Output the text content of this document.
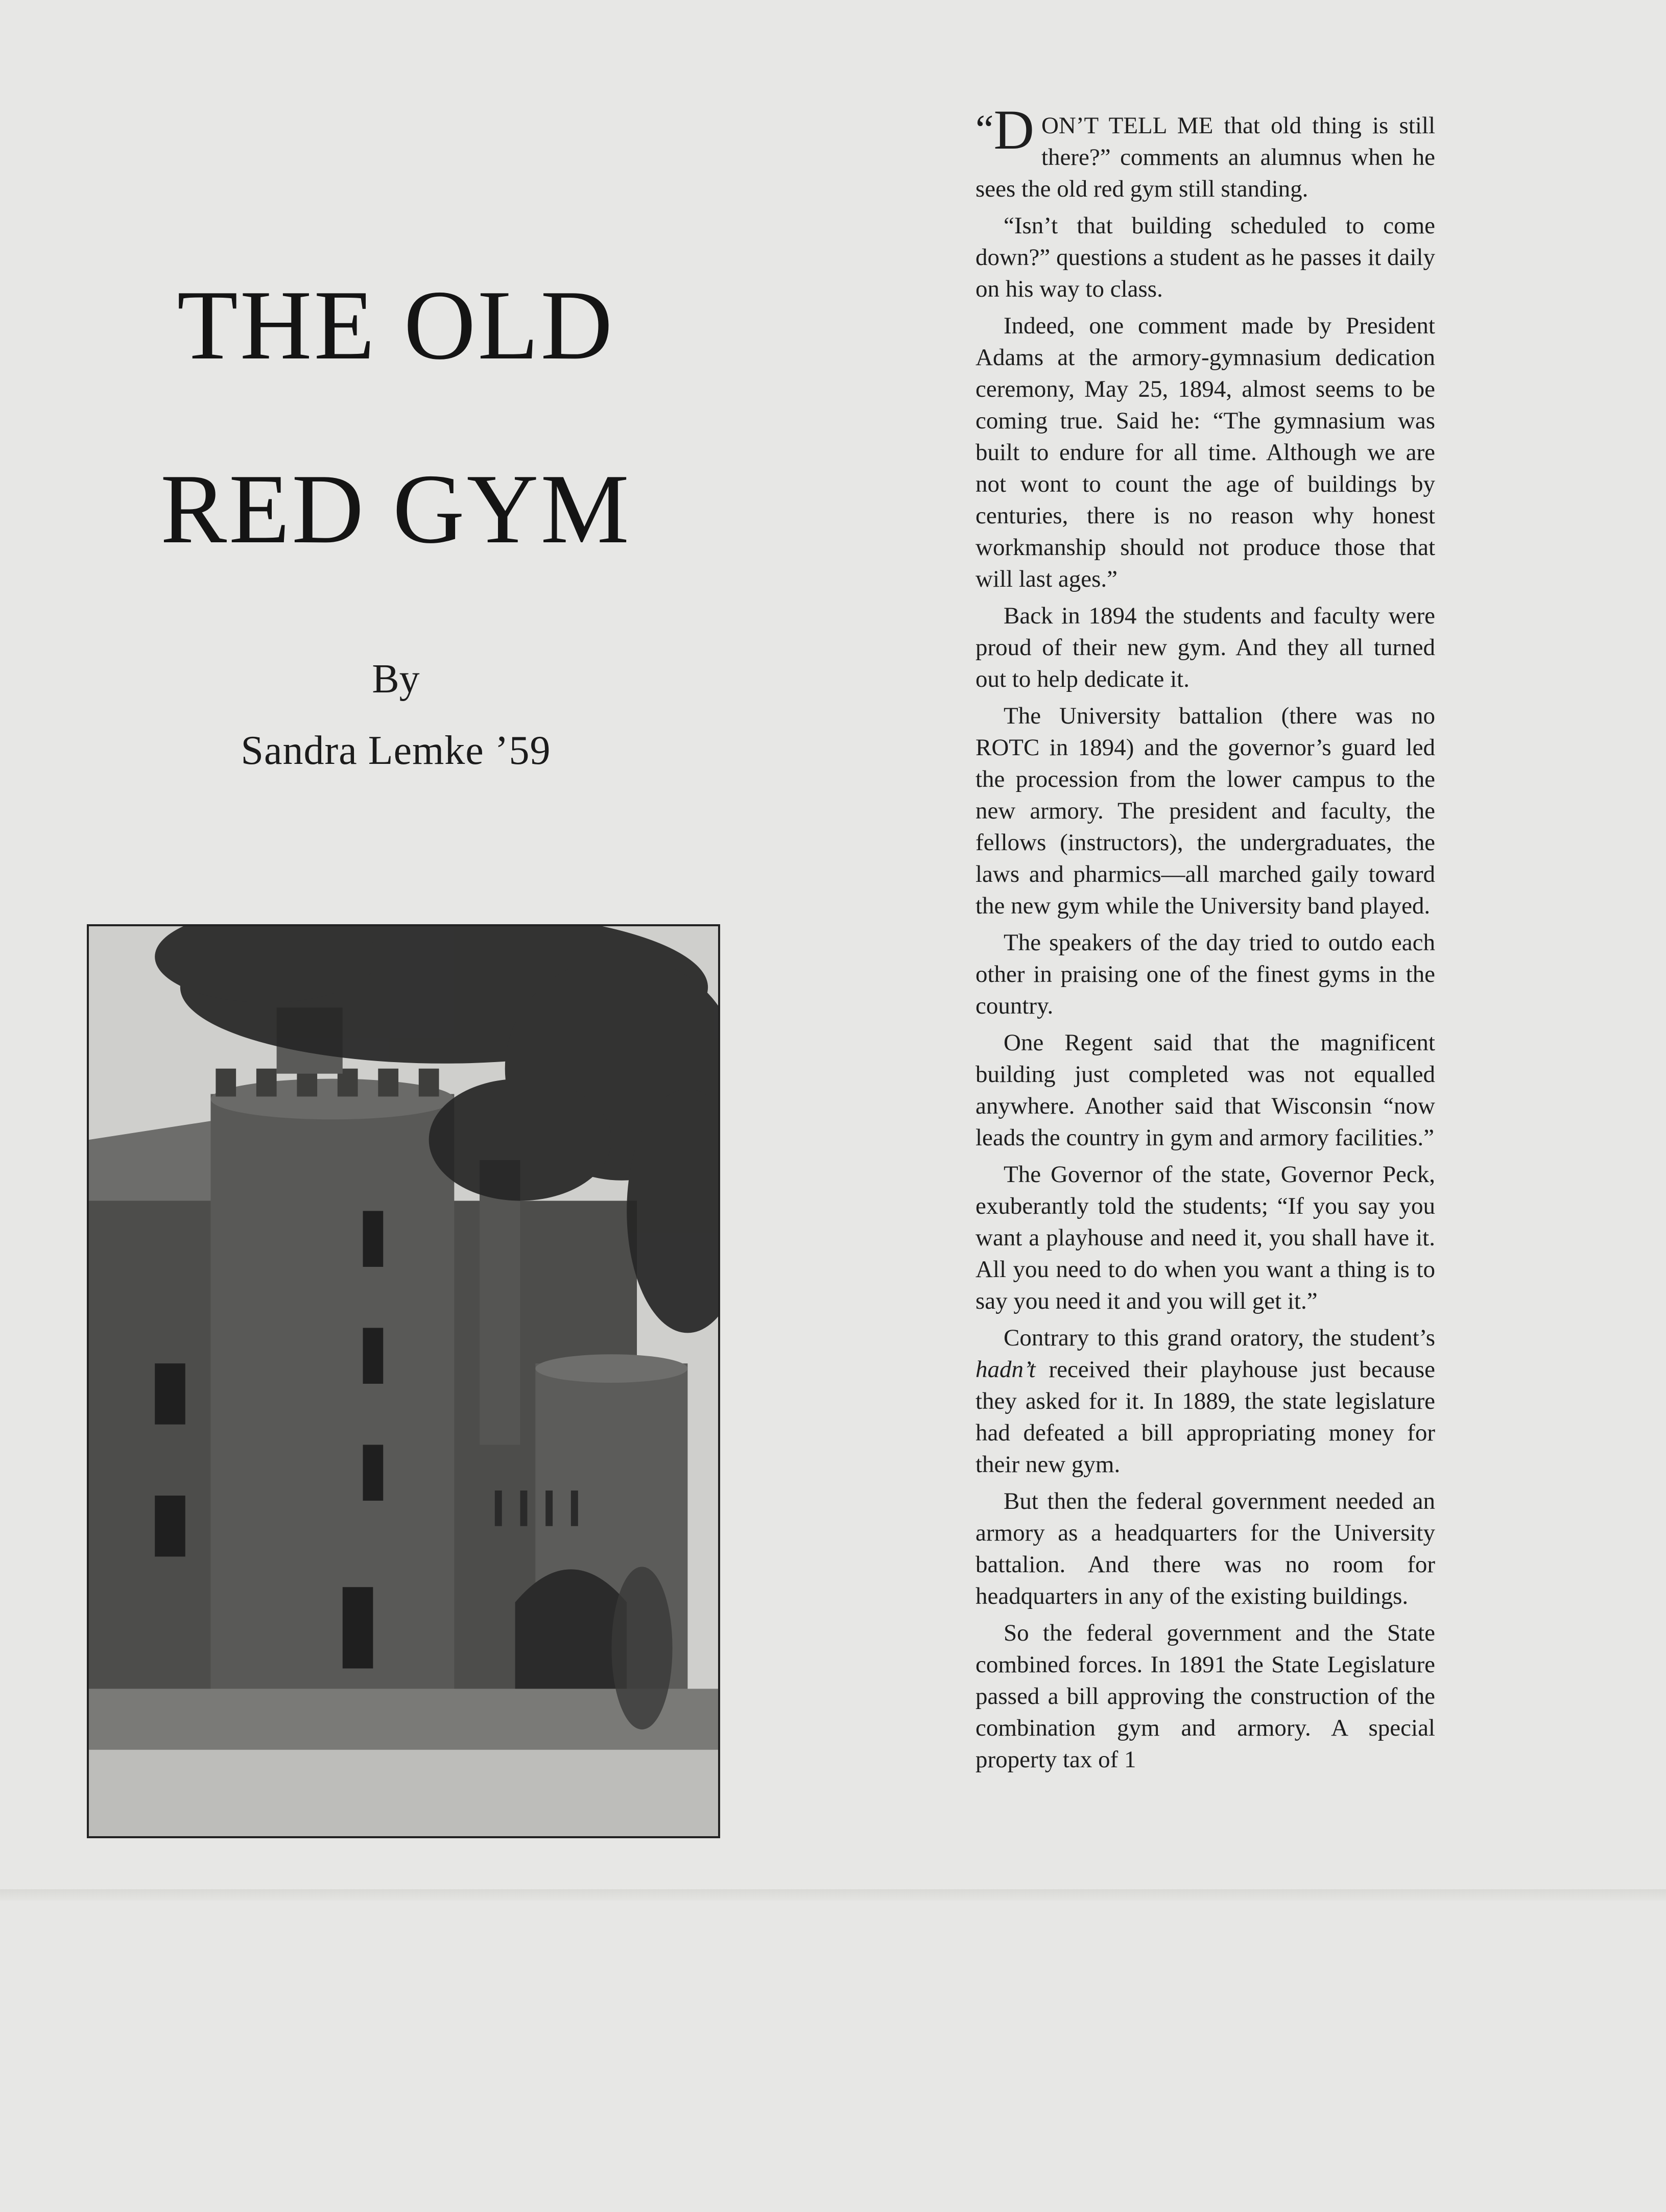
THE OLD
RED GYM
By
Sandra Lemke ’59

“D ON’T TELL ME that old thing is still there?” comments an alumnus when he sees the old red gym still standing.

“Isn’t that building scheduled to come down?” questions a student as he passes it daily on his way to class.

Indeed, one comment made by President Adams at the armory-gymnasium dedication ceremony, May 25, 1894, almost seems to be coming true. Said he: “The gymnasium was built to endure for all time. Although we are not wont to count the age of buildings by centuries, there is no reason why honest workmanship should not produce those that will last ages.”

Back in 1894 the students and faculty were proud of their new gym. And they all turned out to help dedicate it.

The University battalion (there was no ROTC in 1894) and the governor’s guard led the procession from the lower campus to the new armory. The president and faculty, the fellows (instructors), the undergraduates, the laws and pharmics—all marched gaily toward the new gym while the University band played.

The speakers of the day tried to outdo each other in praising one of the finest gyms in the country.

One Regent said that the magnificent building just completed was not equalled anywhere. Another said that Wisconsin “now leads the country in gym and armory facilities.”

The Governor of the state, Governor Peck, exuberantly told the students; “If you say you want a playhouse and need it, you shall have it. All you need to do when you want a thing is to say you need it and you will get it.”

Contrary to this grand oratory, the student’s hadn’t received their playhouse just because they asked for it. In 1889, the state legislature had defeated a bill appropriating money for their new gym.

But then the federal government needed an armory as a headquarters for the University battalion. And there was no room for headquarters in any of the existing buildings.

So the federal government and the State combined forces. In 1891 the State Legislature passed a bill approving the construction of the combination gym and armory. A special property tax of 1
